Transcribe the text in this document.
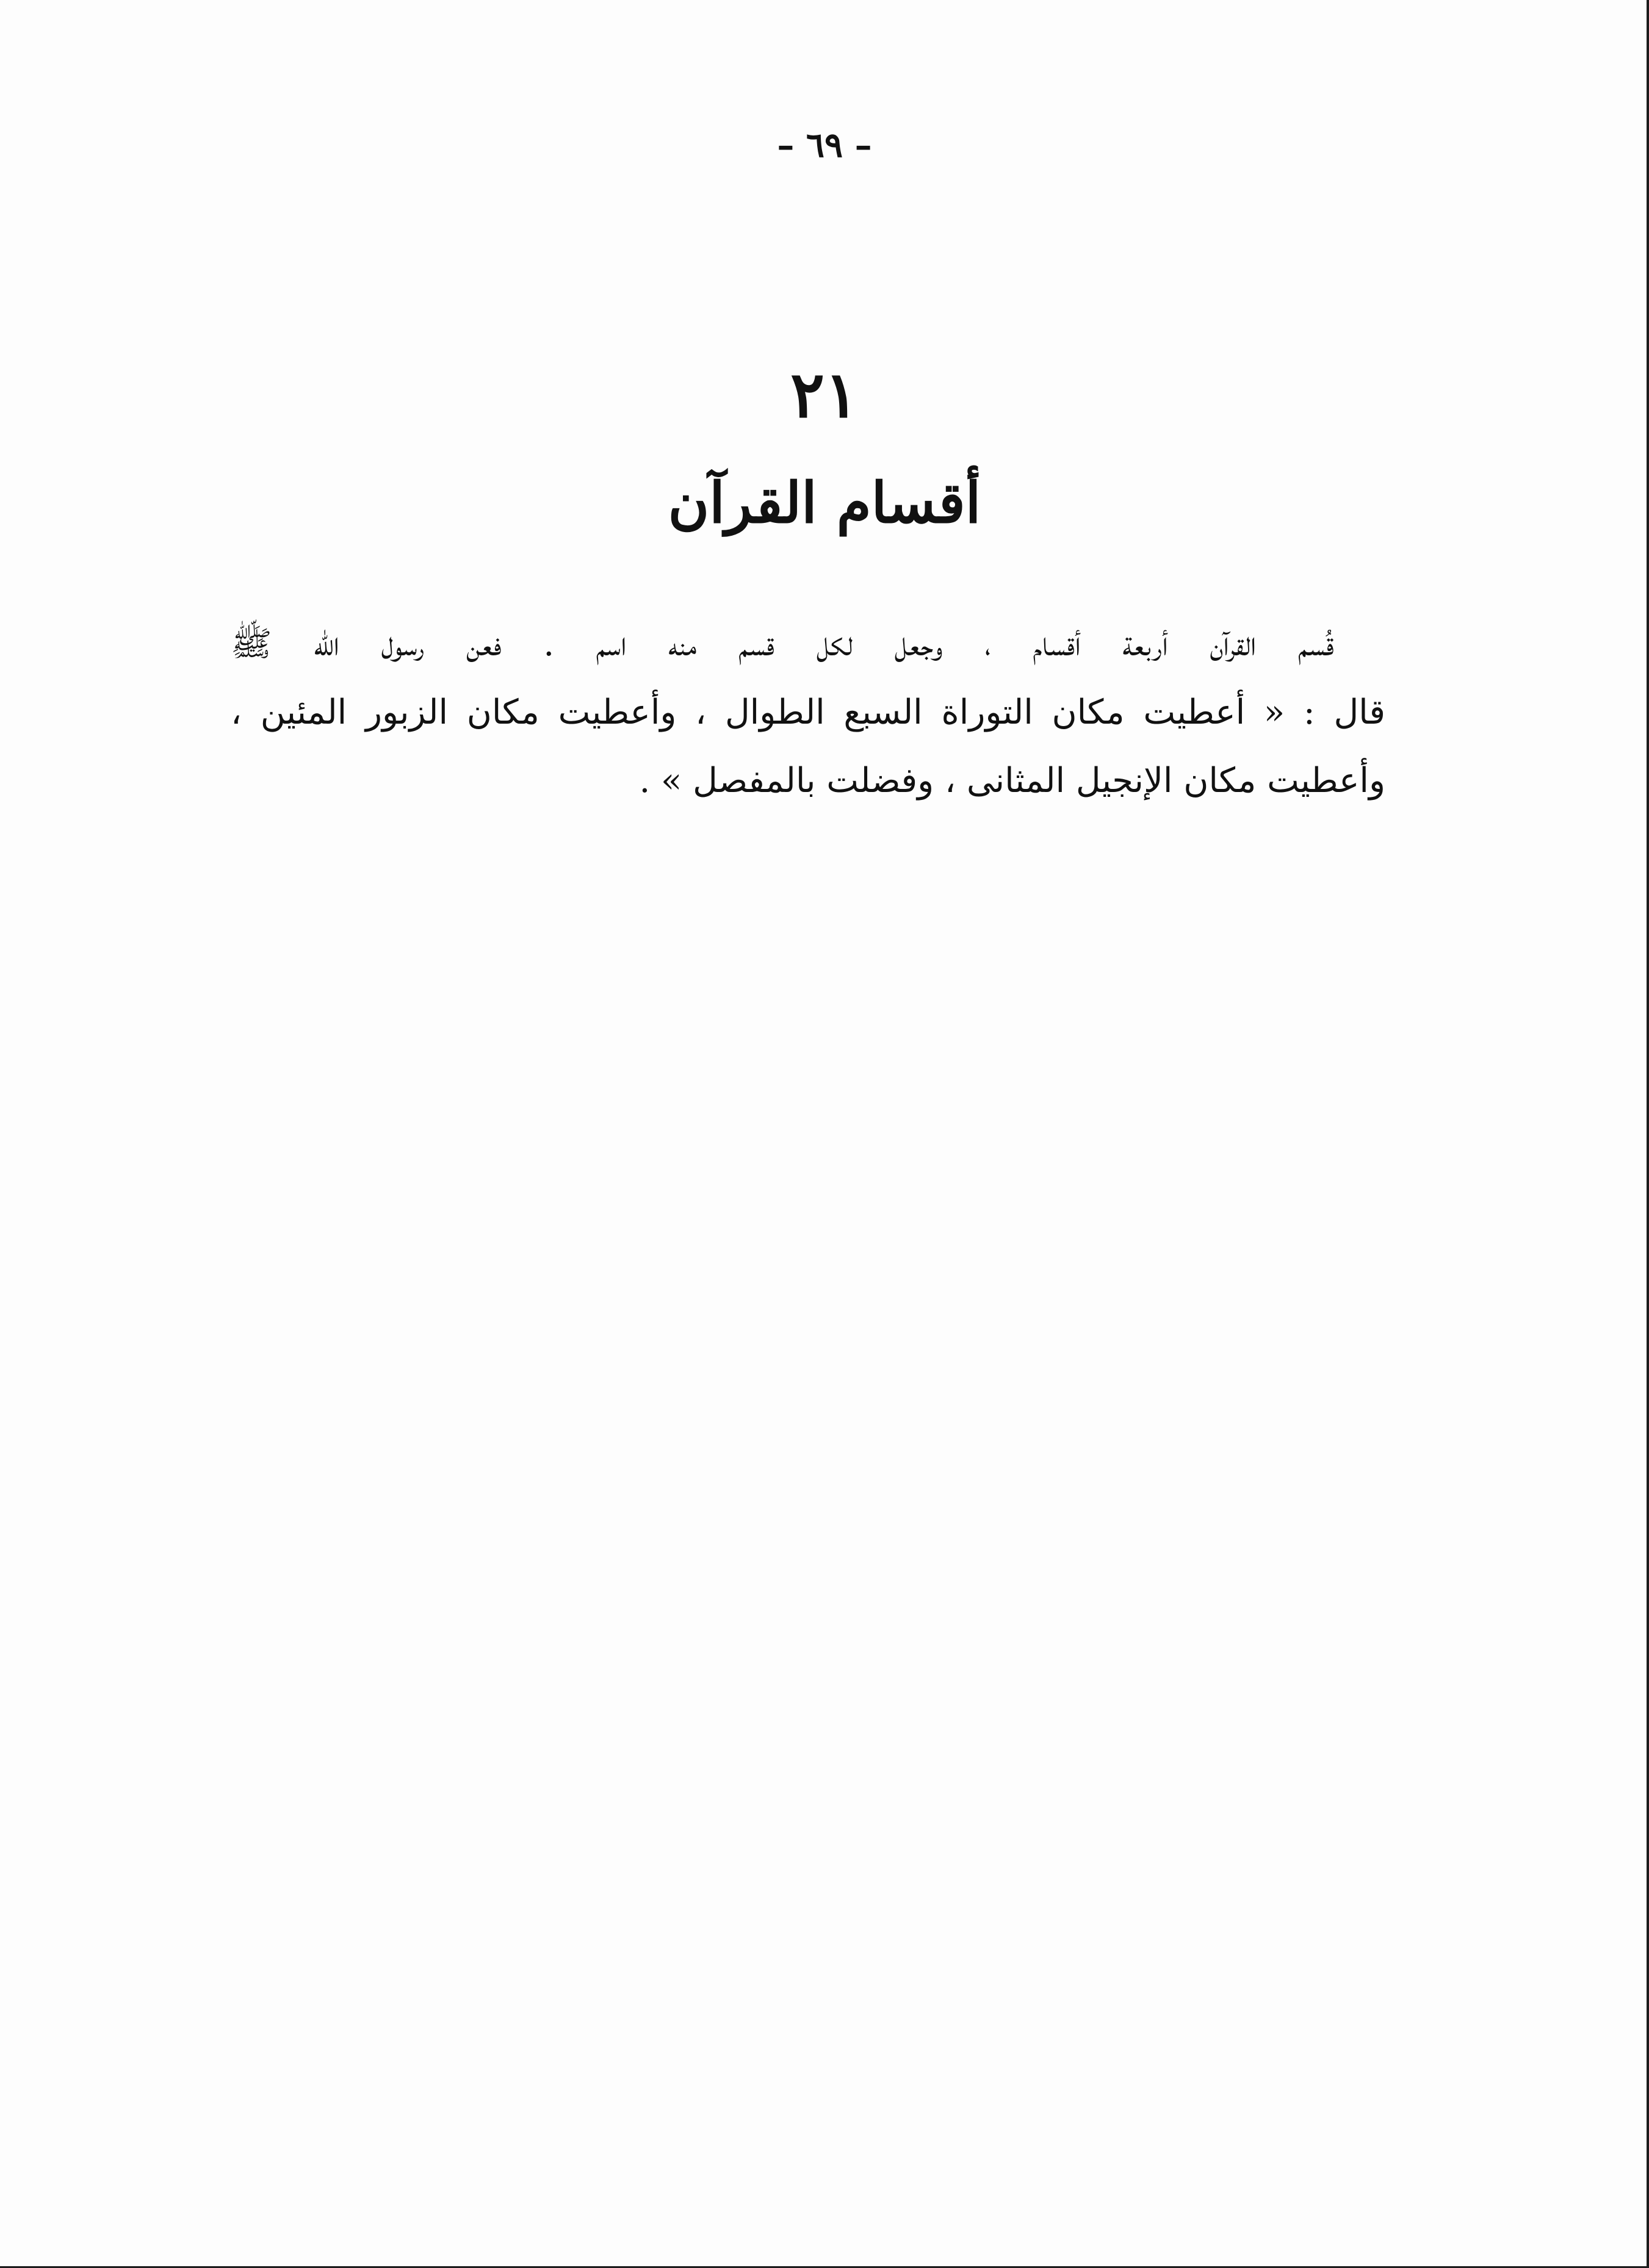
– ٦٩ –
٢١
أقسام القرآن
قُسم القرآن أربعة أقسام ، وجعل لكل قسم منه اسم . فعن رسول الله ﷺ
قال : « أعطيت مكان التوراة السبع الطوال ، وأعطيت مكان الزبور المئين ،
وأعطيت مكان الإنجيل المثانى ، وفضلت بالمفصل » .
